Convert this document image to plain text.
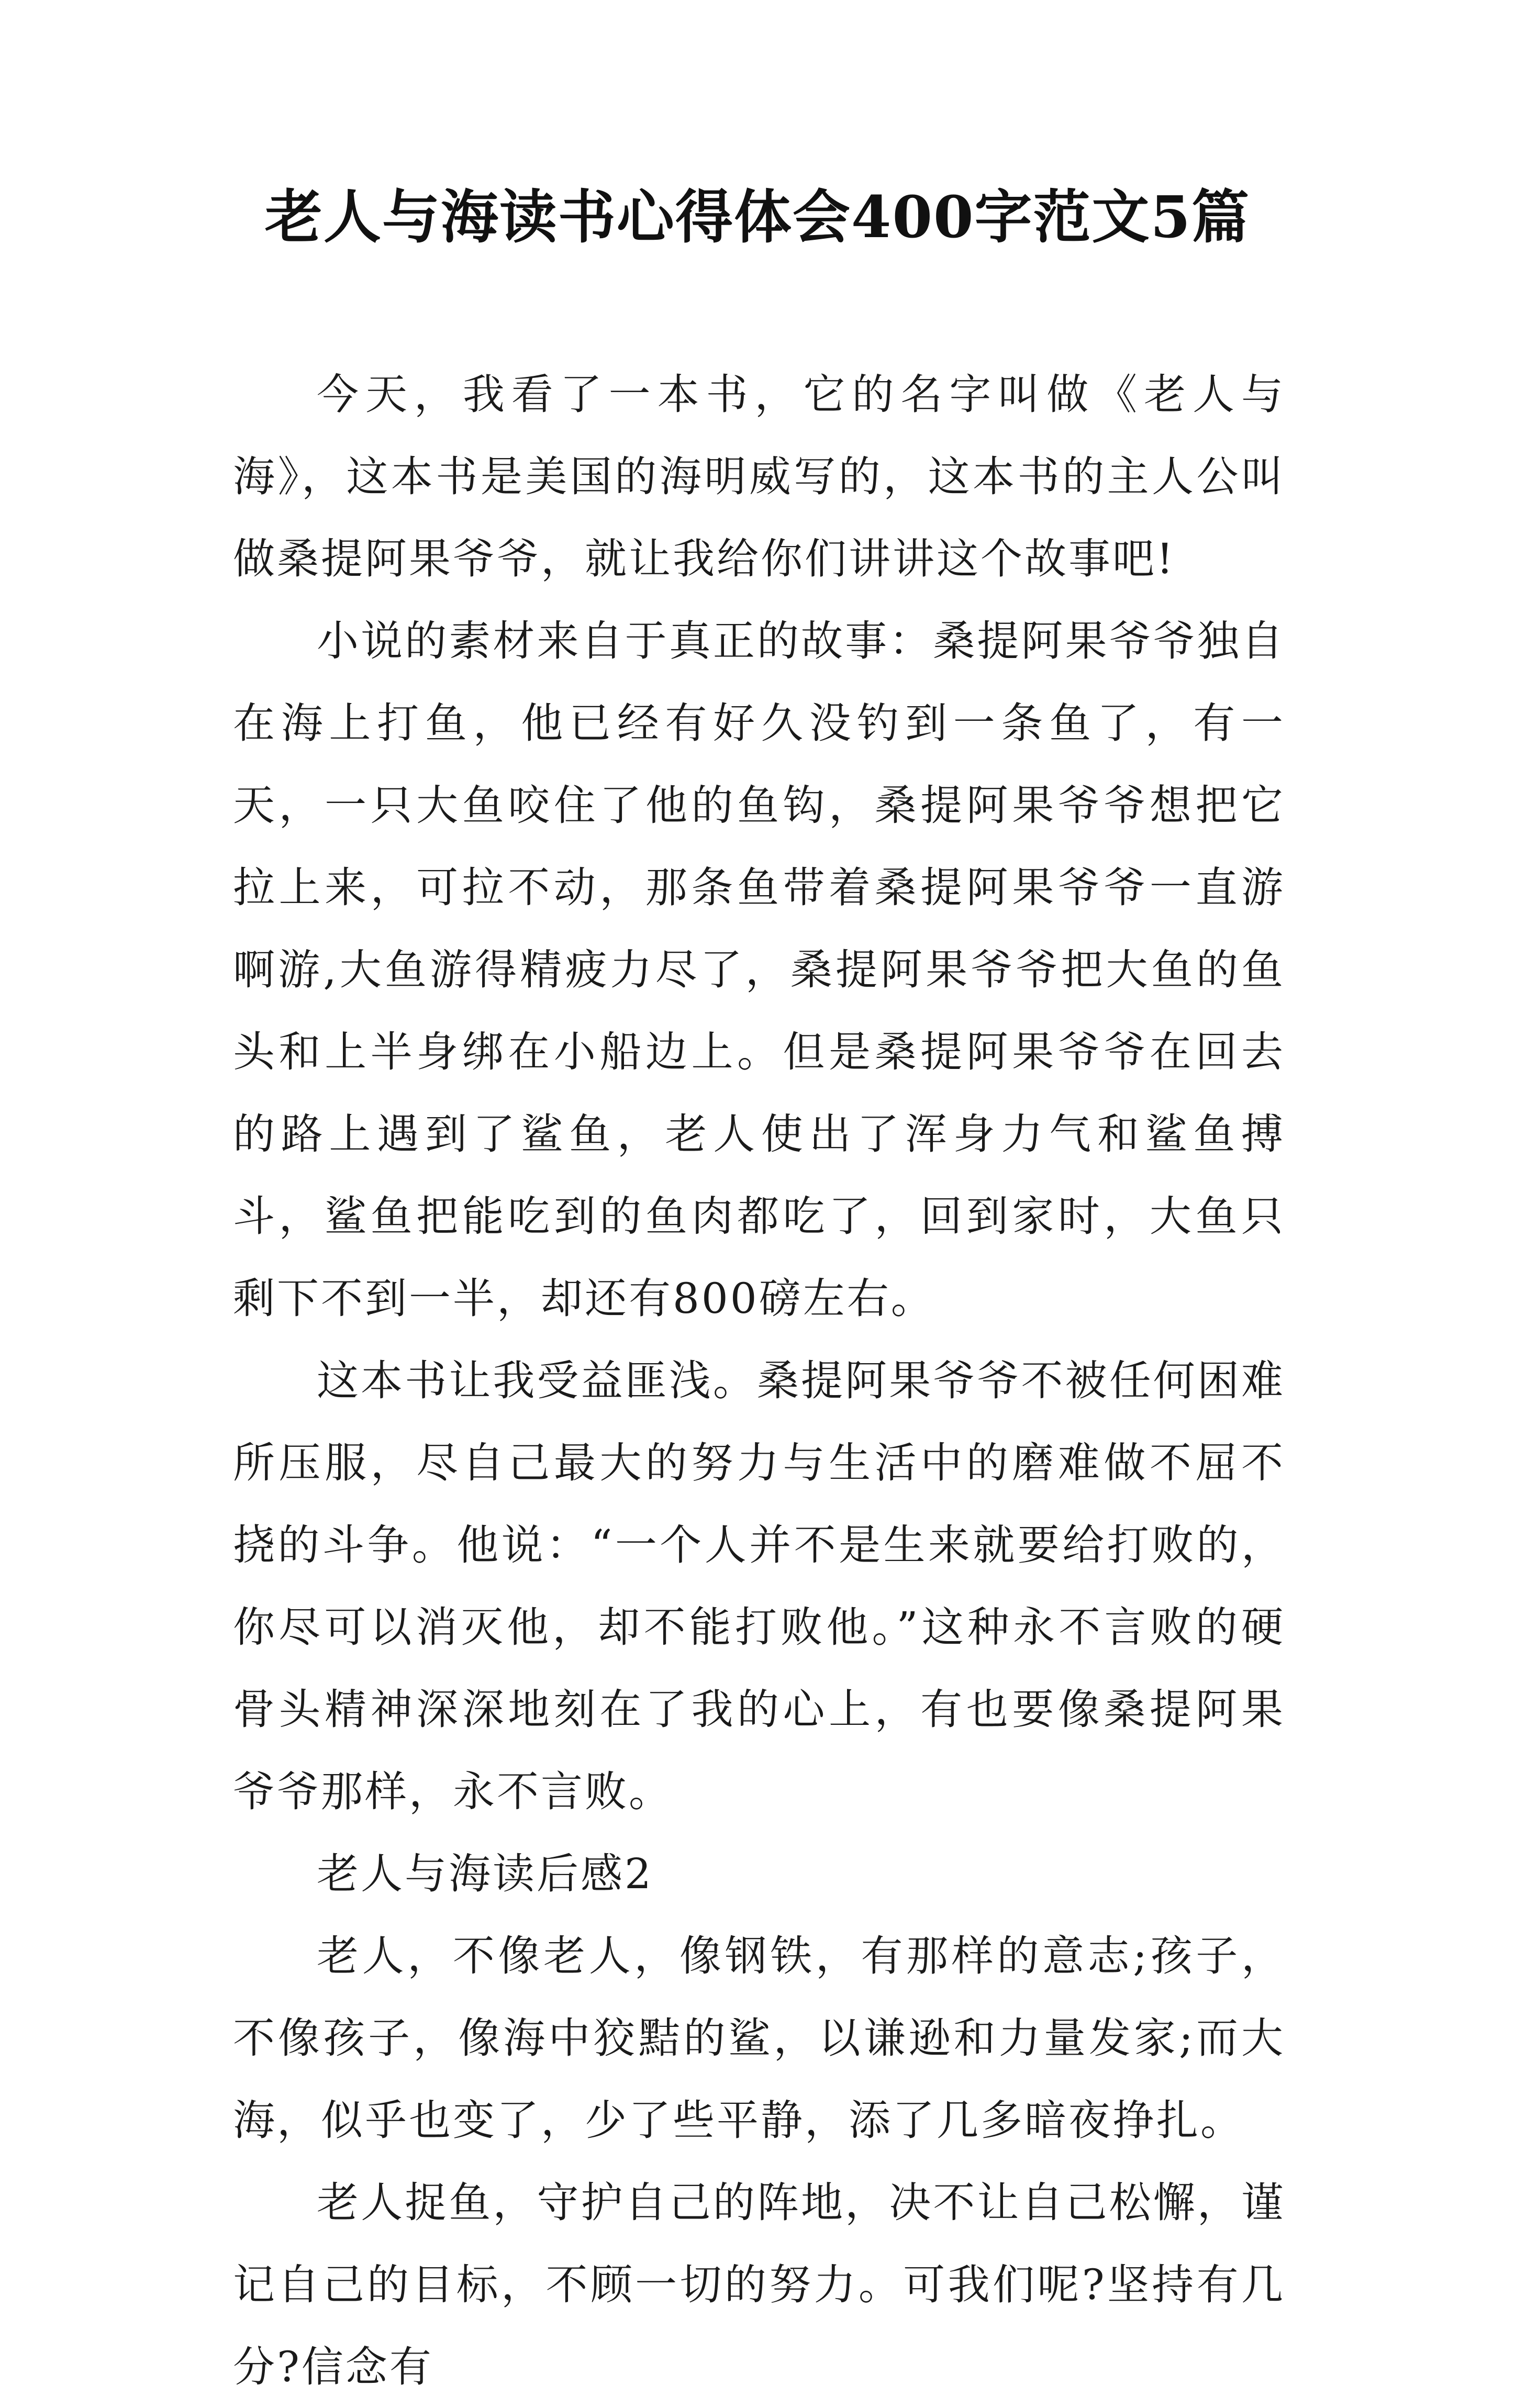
老人与海读书心得体会400字范文5篇

今天，我看了一本书，它的名字叫做《老人与海》，这本书是美国的海明威写的，这本书的主人公叫做桑提阿果爷爷，就让我给你们讲讲这个故事吧!

小说的素材来自于真正的故事：桑提阿果爷爷独自在海上打鱼，他已经有好久没钓到一条鱼了，有一天，一只大鱼咬住了他的鱼钩，桑提阿果爷爷想把它拉上来，可拉不动，那条鱼带着桑提阿果爷爷一直游啊游,大鱼游得精疲力尽了，桑提阿果爷爷把大鱼的鱼头和上半身绑在小船边上。但是桑提阿果爷爷在回去的路上遇到了鲨鱼，老人使出了浑身力气和鲨鱼搏斗，鲨鱼把能吃到的鱼肉都吃了，回到家时，大鱼只剩下不到一半，却还有800磅左右。

这本书让我受益匪浅。桑提阿果爷爷不被任何困难所压服，尽自己最大的努力与生活中的磨难做不屈不挠的斗争。他说：“一个人并不是生来就要给打败的，你尽可以消灭他，却不能打败他。”这种永不言败的硬骨头精神深深地刻在了我的心上，有也要像桑提阿果爷爷那样，永不言败。

老人与海读后感2

老人，不像老人，像钢铁，有那样的意志;孩子，不像孩子，像海中狡黠的鲨，以谦逊和力量发家;而大海，似乎也变了，少了些平静，添了几多暗夜挣扎。

老人捉鱼，守护自己的阵地，决不让自己松懈，谨记自己的目标，不顾一切的努力。可我们呢?坚持有几分?信念有
